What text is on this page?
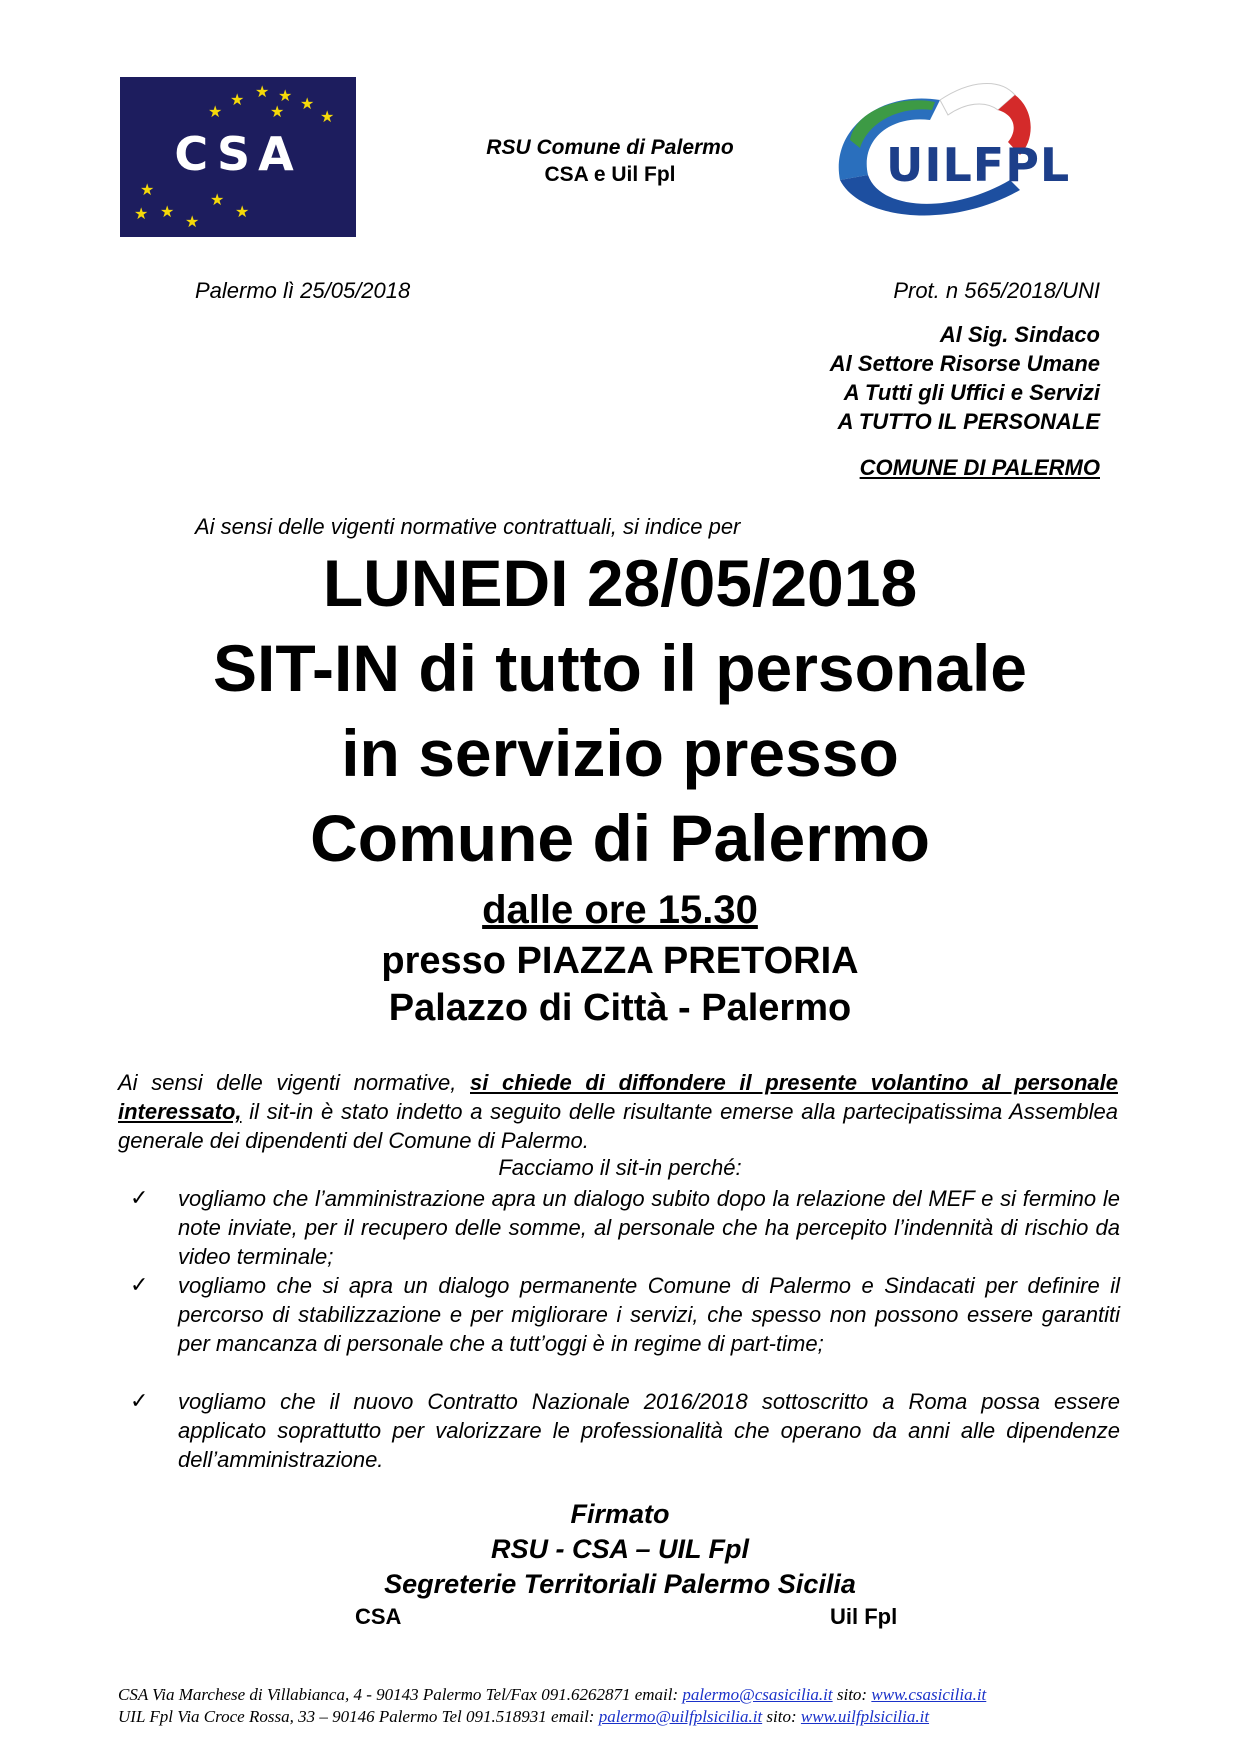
★ ★ ★ ★
★	★ ★
★
★
★
★
★
★
CSA	UILFPL
RSU Comune di Palermo
CSA e Uil Fpl
Palermo lì 25/05/2018	Prot. n 565/2018/UNI
Al Sig. Sindaco
Al Settore Risorse Umane
A Tutti gli Uffici e Servizi
A TUTTO IL PERSONALE
COMUNE DI PALERMO
Ai sensi delle vigenti normative contrattuali, si indice per
LUNEDI 28/05/2018
SIT-IN di tutto il personale
in servizio presso
Comune di Palermo
dalle ore 15.30
presso PIAZZA PRETORIA
Palazzo di Città - Palermo
Ai sensi delle vigenti normative, si chiede di diffondere il presente volantino al personale interessato, il sit-in è stato indetto a seguito delle risultante emerse alla partecipatissima Assemblea generale dei dipendenti del Comune di Palermo.
Facciamo il sit-in perché:
✓ vogliamo che l’amministrazione apra un dialogo subito dopo la relazione del MEF e si fermino le note inviate, per il recupero delle somme, al personale che ha percepito l’indennità di rischio da video terminale;
✓ vogliamo che si apra un dialogo permanente Comune di Palermo e Sindacati per definire il percorso di stabilizzazione e per migliorare i servizi, che spesso non possono essere garantiti per mancanza di personale che a tutt’oggi è in regime di part-time;
✓ vogliamo che il nuovo Contratto Nazionale 2016/2018 sottoscritto a Roma possa essere applicato soprattutto per valorizzare le professionalità che operano da anni alle dipendenze dell’amministrazione.
Firmato
RSU - CSA – UIL Fpl
Segreterie Territoriali Palermo Sicilia
CSA	Uil Fpl
CSA Via Marchese di Villabianca, 4 - 90143 Palermo Tel/Fax 091.6262871 email: palermo@csasicilia.it sito: www.csasicilia.it
UIL Fpl Via Croce Rossa, 33 – 90146 Palermo Tel 091.518931 email: palermo@uilfplsicilia.it sito: www.uilfplsicilia.it
